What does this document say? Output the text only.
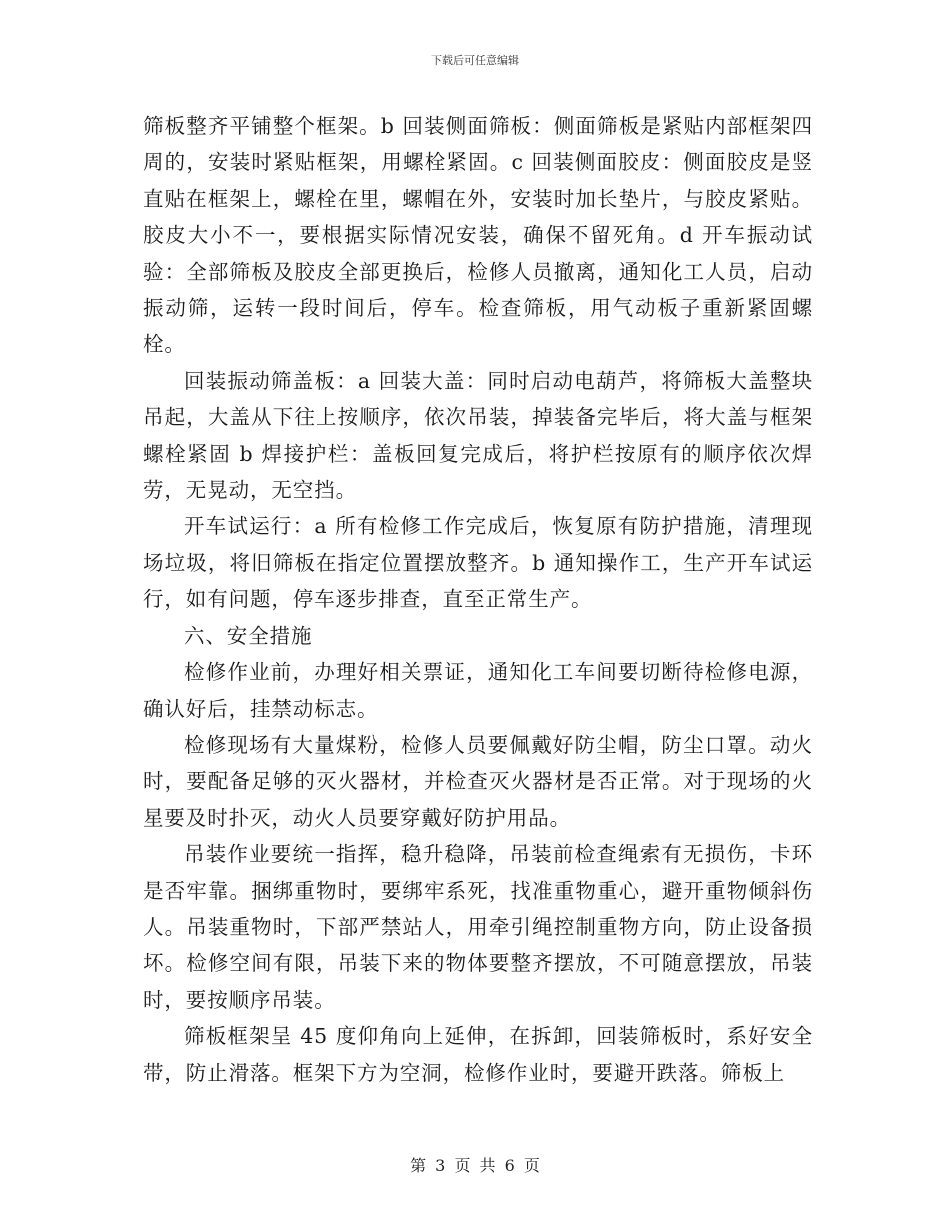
下载后可任意编辑

筛板整齐平铺整个框架。b 回装侧面筛板：侧面筛板是紧贴内部框架四周的，安装时紧贴框架，用螺栓紧固。c 回装侧面胶皮：侧面胶皮是竖直贴在框架上，螺栓在里，螺帽在外，安装时加长垫片，与胶皮紧贴。胶皮大小不一，要根据实际情况安装，确保不留死角。d 开车振动试验：全部筛板及胶皮全部更换后，检修人员撤离，通知化工人员，启动振动筛，运转一段时间后，停车。检查筛板，用气动板子重新紧固螺栓。

回装振动筛盖板：a 回装大盖：同时启动电葫芦，将筛板大盖整块吊起，大盖从下往上按顺序，依次吊装，掉装备完毕后，将大盖与框架螺栓紧固 b 焊接护栏：盖板回复完成后，将护栏按原有的顺序依次焊劳，无晃动，无空挡。

开车试运行：a 所有检修工作完成后，恢复原有防护措施，清理现场垃圾，将旧筛板在指定位置摆放整齐。b 通知操作工，生产开车试运行，如有问题，停车逐步排查，直至正常生产。

六、安全措施

检修作业前，办理好相关票证，通知化工车间要切断待检修电源，确认好后，挂禁动标志。

检修现场有大量煤粉，检修人员要佩戴好防尘帽，防尘口罩。动火时，要配备足够的灭火器材，并检查灭火器材是否正常。对于现场的火星要及时扑灭，动火人员要穿戴好防护用品。

吊装作业要统一指挥，稳升稳降，吊装前检查绳索有无损伤，卡环是否牢靠。捆绑重物时，要绑牢系死，找准重物重心，避开重物倾斜伤人。吊装重物时，下部严禁站人，用牵引绳控制重物方向，防止设备损坏。检修空间有限，吊装下来的物体要整齐摆放，不可随意摆放，吊装时，要按顺序吊装。

筛板框架呈 45 度仰角向上延伸，在拆卸，回装筛板时，系好安全带，防止滑落。框架下方为空洞，检修作业时，要避开跌落。筛板上

第 3 页 共 6 页
